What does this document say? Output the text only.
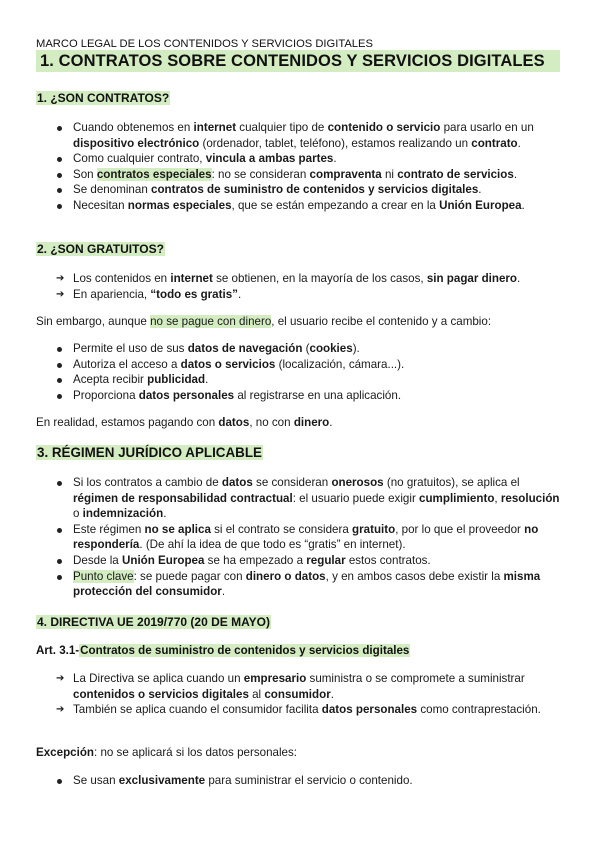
MARCO LEGAL DE LOS CONTENIDOS Y SERVICIOS DIGITALES
1. CONTRATOS SOBRE CONTENIDOS Y SERVICIOS DIGITALES
1. ¿SON CONTRATOS?
Cuando obtenemos en internet cualquier tipo de contenido o servicio para usarlo en un dispositivo electrónico (ordenador, tablet, teléfono), estamos realizando un contrato.
Como cualquier contrato, vincula a ambas partes.
Son contratos especiales: no se consideran compraventa ni contrato de servicios.
Se denominan contratos de suministro de contenidos y servicios digitales.
Necesitan normas especiales, que se están empezando a crear en la Unión Europea.
2. ¿SON GRATUITOS?
➔ Los contenidos en internet se obtienen, en la mayoría de los casos, sin pagar dinero.
➔ En apariencia, “todo es gratis”.
Sin embargo, aunque no se pague con dinero, el usuario recibe el contenido y a cambio:
Permite el uso de sus datos de navegación (cookies).
Autoriza el acceso a datos o servicios (localización, cámara...).
Acepta recibir publicidad.
Proporciona datos personales al registrarse en una aplicación.
En realidad, estamos pagando con datos, no con dinero.
3. RÉGIMEN JURÍDICO APLICABLE
Si los contratos a cambio de datos se consideran onerosos (no gratuitos), se aplica el régimen de responsabilidad contractual: el usuario puede exigir cumplimiento, resolución o indemnización.
Este régimen no se aplica si el contrato se considera gratuito, por lo que el proveedor no respondería. (De ahí la idea de que todo es “gratis” en internet).
Desde la Unión Europea se ha empezado a regular estos contratos.
Punto clave: se puede pagar con dinero o datos, y en ambos casos debe existir la misma protección del consumidor.
4. DIRECTIVA UE 2019/770 (20 DE MAYO)
Art. 3.1-Contratos de suministro de contenidos y servicios digitales
➔ La Directiva se aplica cuando un empresario suministra o se compromete a suministrar contenidos o servicios digitales al consumidor.
➔ También se aplica cuando el consumidor facilita datos personales como contraprestación.
Excepción: no se aplicará si los datos personales:
Se usan exclusivamente para suministrar el servicio o contenido.
